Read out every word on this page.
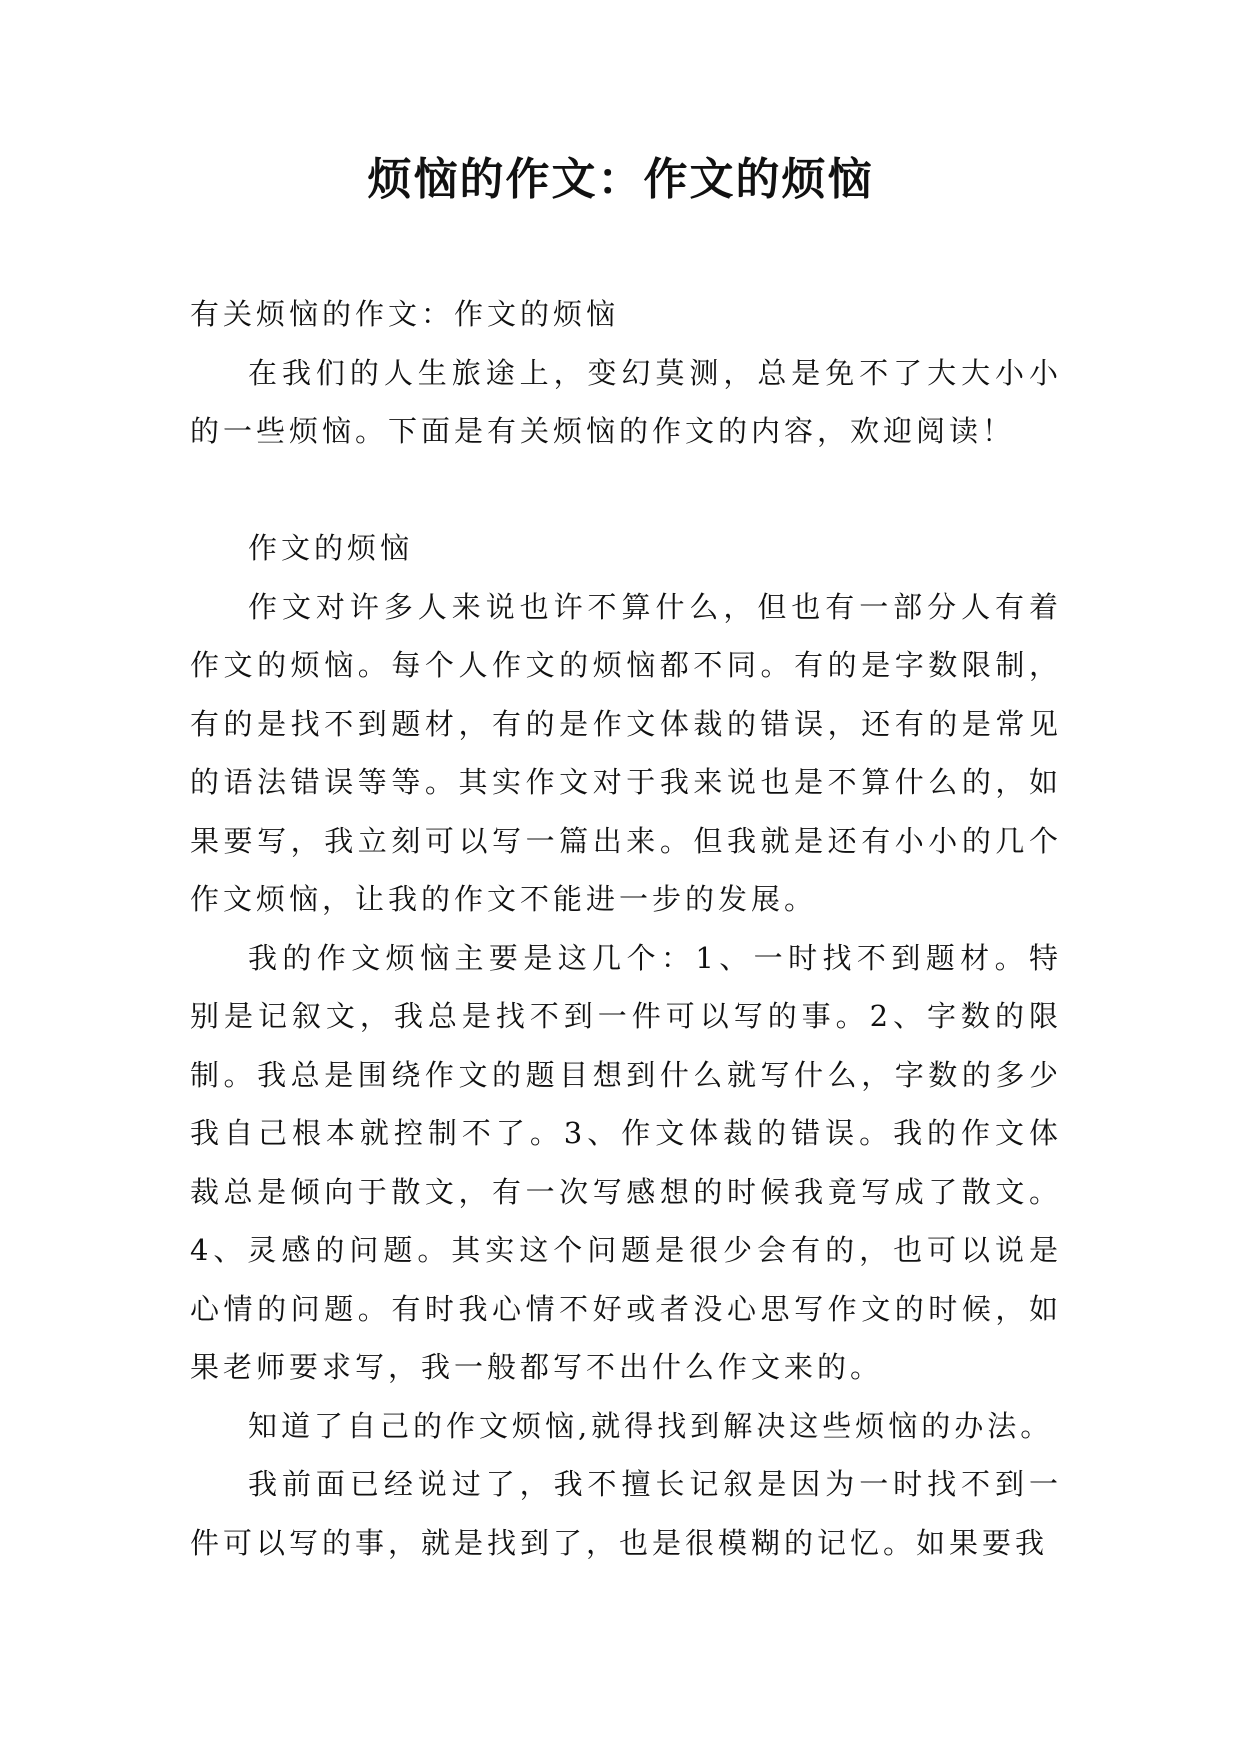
烦恼的作文：作文的烦恼

有关烦恼的作文：作文的烦恼

在我们的人生旅途上，变幻莫测，总是免不了大大小小的一些烦恼。下面是有关烦恼的作文的内容，欢迎阅读！

作文的烦恼

作文对许多人来说也许不算什么，但也有一部分人有着作文的烦恼。每个人作文的烦恼都不同。有的是字数限制，有的是找不到题材，有的是作文体裁的错误，还有的是常见的语法错误等等。其实作文对于我来说也是不算什么的，如果要写，我立刻可以写一篇出来。但我就是还有小小的几个作文烦恼，让我的作文不能进一步的发展。

我的作文烦恼主要是这几个：1、一时找不到题材。特别是记叙文，我总是找不到一件可以写的事。2、字数的限制。我总是围绕作文的题目想到什么就写什么，字数的多少我自己根本就控制不了。3、作文体裁的错误。我的作文体裁总是倾向于散文，有一次写感想的时候我竟写成了散文。4、灵感的问题。其实这个问题是很少会有的，也可以说是心情的问题。有时我心情不好或者没心思写作文的时候，如果老师要求写，我一般都写不出什么作文来的。

知道了自己的作文烦恼,就得找到解决这些烦恼的办法。

我前面已经说过了，我不擅长记叙是因为一时找不到一件可以写的事，就是找到了，也是很模糊的记忆。如果要我
